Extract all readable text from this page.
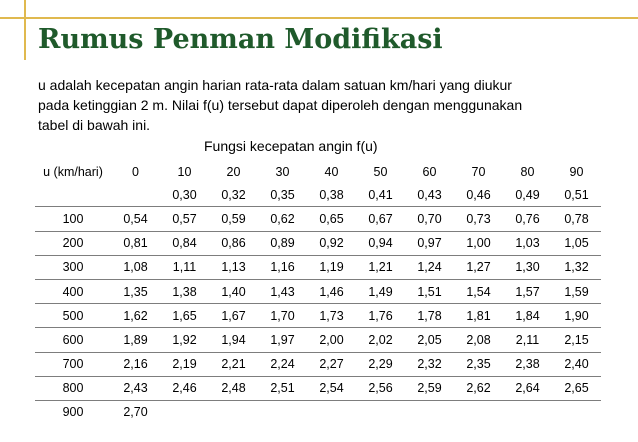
Rumus Penman Modifikasi
u adalah kecepatan angin harian rata-rata dalam satuan km/hari yang diukur
pada ketinggian 2 m. Nilai f(u) tersebut dapat diperoleh dengan menggunakan
tabel di bawah ini.
Fungsi kecepatan angin f(u)
u (km/hari)	0	10	20	30	40	50	60	70	80	90
		0,30	0,32	0,35	0,38	0,41	0,43	0,46	0,49	0,51
100	0,54	0,57	0,59	0,62	0,65	0,67	0,70	0,73	0,76	0,78
200	0,81	0,84	0,86	0,89	0,92	0,94	0,97	1,00	1,03	1,05
300	1,08	1,11	1,13	1,16	1,19	1,21	1,24	1,27	1,30	1,32
400	1,35	1,38	1,40	1,43	1,46	1,49	1,51	1,54	1,57	1,59
500	1,62	1,65	1,67	1,70	1,73	1,76	1,78	1,81	1,84	1,90
600	1,89	1,92	1,94	1,97	2,00	2,02	2,05	2,08	2,11	2,15
700	2,16	2,19	2,21	2,24	2,27	2,29	2,32	2,35	2,38	2,40
800	2,43	2,46	2,48	2,51	2,54	2,56	2,59	2,62	2,64	2,65
900	2,70									
